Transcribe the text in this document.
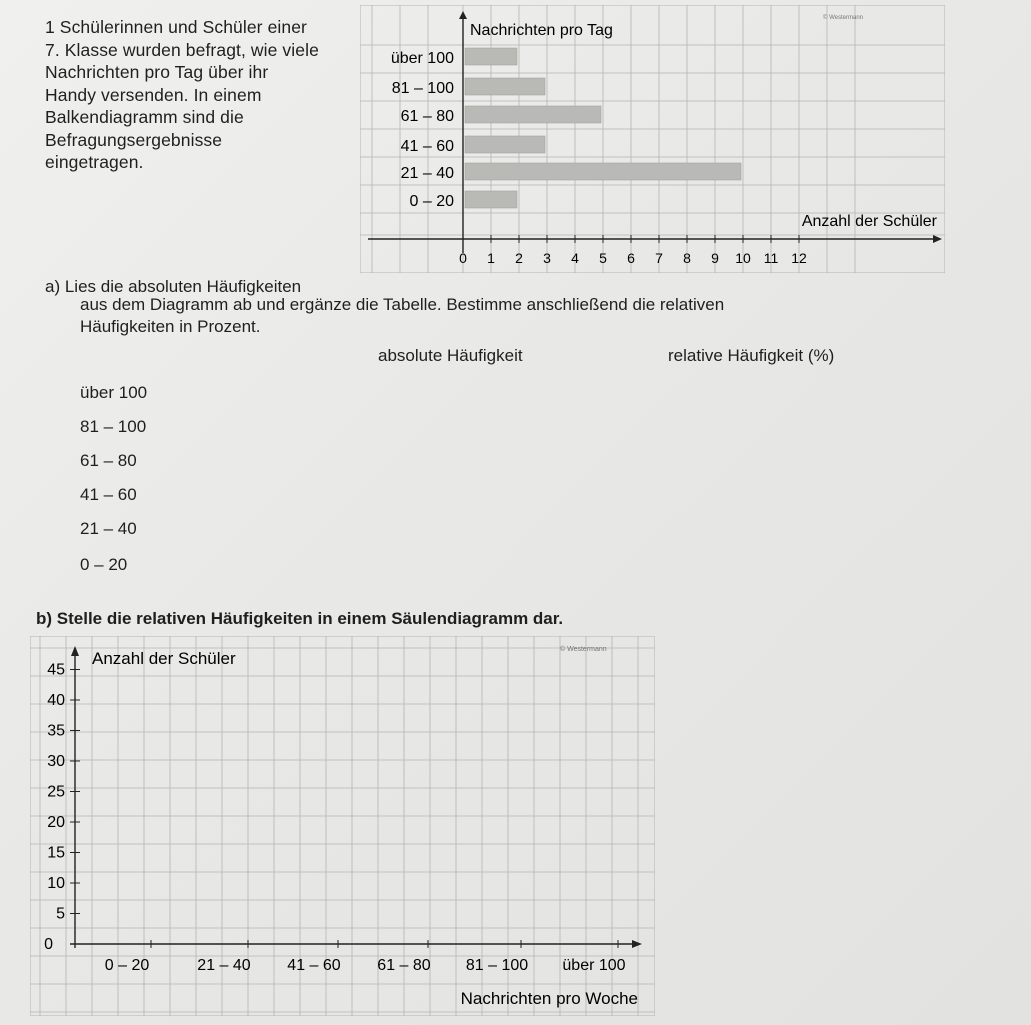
1 Schülerinnen und Schüler einer
7. Klasse wurden befragt, wie viele
Nachrichten pro Tag über ihr
Handy versenden. In einem
Balkendiagramm sind die
Befragungsergebnisse
eingetragen.
Nachrichten pro Tag
© Westermann
über 100
81 – 100
61 – 80
41 – 60
21 – 40
0 – 20
Anzahl der Schüler
0 1 2 3 4 5 6 7 8 9 10 11 12
a) Lies die absoluten Häufigkeiten
aus dem Diagramm ab und ergänze die Tabelle. Bestimme anschließend die relativen
Häufigkeiten in Prozent.
absolute Häufigkeit	relative Häufigkeit (%)
über 100
81 – 100
61 – 80
41 – 60
21 – 40
0 – 20
b) Stelle die relativen Häufigkeiten in einem Säulendiagramm dar.
Anzahl der Schüler	© Westermann
0
5
10
15
20
25
30
35
40
45
0 – 20	21 – 40 41 – 60 61 – 80 81 – 100 über 100
Nachrichten pro Woche
